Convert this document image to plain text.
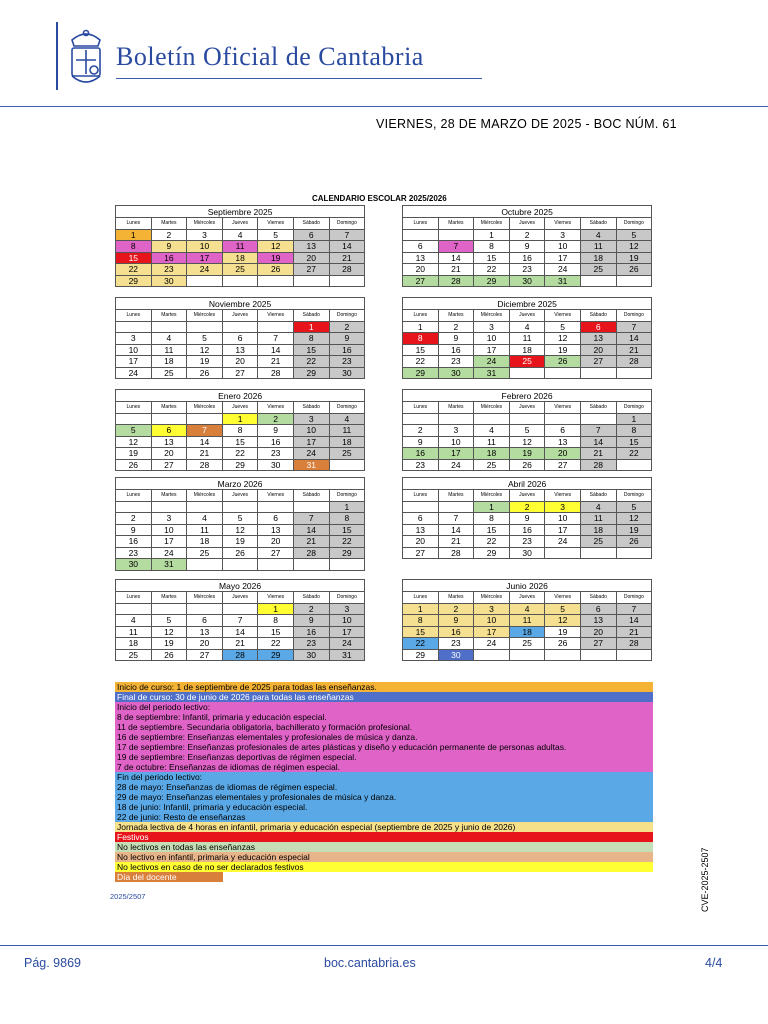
Boletín Oficial de Cantabria
VIERNES, 28 DE MARZO DE 2025 - BOC NÚM. 61
CALENDARIO ESCOLAR 2025/2026
Septiembre 2025						
Lunes	Martes	Miércoles	Jueves	Viernes	Sábado	Domingo
1	2	3	4	5	6	7
8	9	10	11	12	13	14
15	16	17	18	19	20	21
22	23	24	25	26	27	28
29	30					
Octubre 2025						
Lunes	Martes	Miércoles	Jueves	Viernes	Sábado	Domingo
		1	2	3	4	5
6	7	8	9	10	11	12
13	14	15	16	17	18	19
20	21	22	23	24	25	26
27	28	29	30	31		
Noviembre 2025						
Lunes	Martes	Miércoles	Jueves	Viernes	Sábado	Domingo
					1	2
3	4	5	6	7	8	9
10	11	12	13	14	15	16
17	18	19	20	21	22	23
24	25	26	27	28	29	30
Diciembre 2025						
Lunes	Martes	Miércoles	Jueves	Viernes	Sábado	Domingo
1	2	3	4	5	6	7
8	9	10	11	12	13	14
15	16	17	18	19	20	21
22	23	24	25	26	27	28
29	30	31				
Enero 2026						
Lunes	Martes	Miércoles	Jueves	Viernes	Sábado	Domingo
			1	2	3	4
5	6	7	8	9	10	11
12	13	14	15	16	17	18
19	20	21	22	23	24	25
26	27	28	29	30	31	
Febrero 2026						
Lunes	Martes	Miércoles	Jueves	Viernes	Sábado	Domingo
						1
2	3	4	5	6	7	8
9	10	11	12	13	14	15
16	17	18	19	20	21	22
23	24	25	26	27	28	
Marzo 2026						
Lunes	Martes	Miércoles	Jueves	Viernes	Sábado	Domingo
						1
2	3	4	5	6	7	8
9	10	11	12	13	14	15
16	17	18	19	20	21	22
23	24	25	26	27	28	29
30	31					
Abril 2026						
Lunes	Martes	Miércoles	Jueves	Viernes	Sábado	Domingo
		1	2	3	4	5
6	7	8	9	10	11	12
13	14	15	16	17	18	19
20	21	22	23	24	25	26
27	28	29	30			
Mayo 2026						
Lunes	Martes	Miércoles	Jueves	Viernes	Sábado	Domingo
				1	2	3
4	5	6	7	8	9	10
11	12	13	14	15	16	17
18	19	20	21	22	23	24
25	26	27	28	29	30	31
Junio 2026						
Lunes	Martes	Miércoles	Jueves	Viernes	Sábado	Domingo
1	2	3	4	5	6	7
8	9	10	11	12	13	14
15	16	17	18	19	20	21
22	23	24	25	26	27	28
29	30					
Inicio de curso: 1 de septiembre de 2025 para todas las enseñanzas.
Final de curso: 30 de junio de 2026 para todas las enseñanzas
Inicio del periodo lectivo:
8 de septiembre: Infantil, primaria y educación especial.
11 de septiembre. Secundaria obligatoria, bachillerato y formación profesional.
16 de septiembre: Enseñanzas elementales y profesionales de música y danza.
17 de septiembre: Enseñanzas profesionales de artes plásticas y diseño y educación permanente de personas adultas.
19 de septiembre: Enseñanzas deportivas de régimen especial.
7 de octubre: Enseñanzas de idiomas de régimen especial.
Fin del periodo lectivo:
28 de mayo: Enseñanzas de idiomas de régimen especial.
29 de mayo: Enseñanzas elementales y profesionales de música y danza.
18 de junio: Infantil, primaria y educación especial.
22 de junio: Resto de enseñanzas
Jornada lectiva de 4 horas en infantil, primaria y educación especial (septiembre de 2025 y junio de 2026)
Festivos
No lectivos en todas las enseñanzas
No lectivo en infantil, primaria y educación especial
No lectivos en caso de no ser declarados festivos
Día del docente	CVE-2025-2507
2025/2507
Pág. 9869	boc.cantabria.es	4/4
